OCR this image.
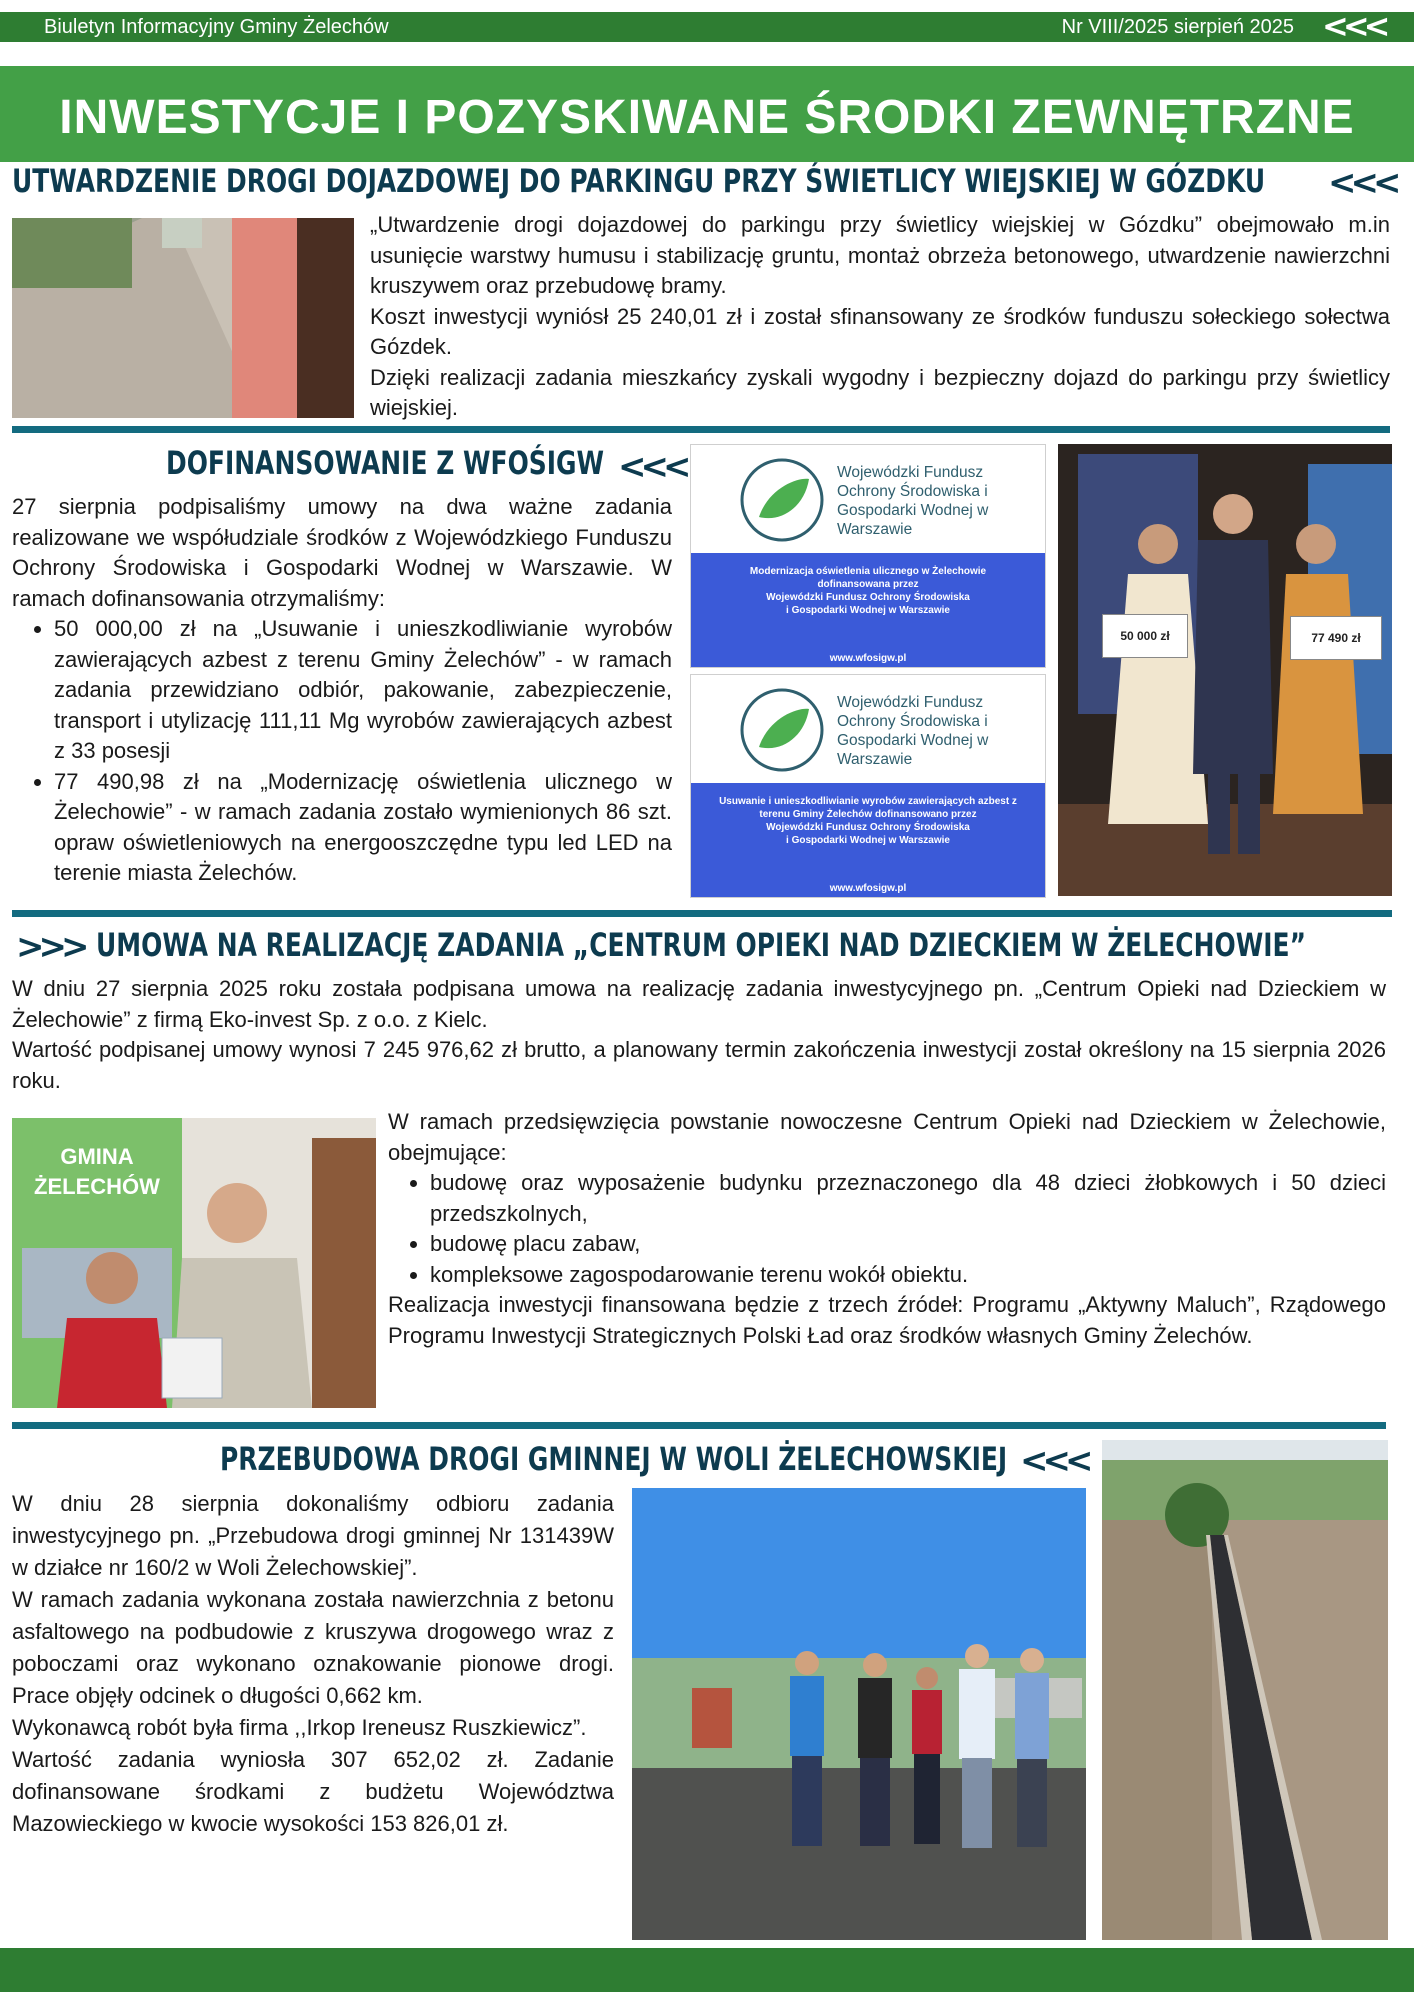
Biuletyn Informacyjny Gminy Żelechów	Nr VIII/2025 sierpień 2025 <<<
INWESTYCJE I POZYSKIWANE ŚRODKI ZEWNĘTRZNE
UTWARDZENIE DROGI DOJAZDOWEJ DO PARKINGU PRZY ŚWIETLICY WIEJSKIEJ W GÓZDKU <<<
„Utwardzenie drogi dojazdowej do parkingu przy świetlicy wiejskiej w Gózdku” obejmowało m.in usunięcie warstwy humusu i stabilizację gruntu, montaż obrzeża betonowego, utwardzenie nawierzchni kruszywem oraz przebudowę bramy.
Koszt inwestycji wyniósł 25 240,01 zł i został sfinansowany ze środków funduszu sołeckiego sołectwa Gózdek.
Dzięki realizacji zadania mieszkańcy zyskali wygodny i bezpieczny dojazd do parkingu przy świetlicy wiejskiej.
DOFINANSOWANIE Z WFOŚIGW <<<
27 sierpnia podpisaliśmy umowy na dwa ważne zadania realizowane we współudziale środków z Wojewódzkiego Funduszu Ochrony Środowiska i Gospodarki Wodnej w Warszawie. W ramach dofinansowania otrzymaliśmy:
• 50 000,00 zł na „Usuwanie i unieszkodliwianie wyrobów zawierających azbest z terenu Gminy Żelechów” - w ramach zadania przewidziano odbiór, pakowanie, zabezpieczenie, transport i utylizację 111,11 Mg wyrobów zawierających azbest z 33 posesji
• 77 490,98 zł na „Modernizację oświetlenia ulicznego w Żelechowie” - w ramach zadania zostało wymienionych 86 szt. opraw oświetleniowych na energooszczędne typu led LED na terenie miasta Żelechów.
Wojewódzki Fundusz Ochrony Środowiska i Gospodarki Wodnej w Warszawie
Modernizacja oświetlenia ulicznego w Żelechowie
dofinansowana przez
Wojewódzki Fundusz Ochrony Środowiska
i Gospodarki Wodnej w Warszawie
www.wfosigw.pl
Wojewódzki Fundusz Ochrony Środowiska i Gospodarki Wodnej w Warszawie
Usuwanie i unieszkodliwianie wyrobów zawierających azbest z
terenu Gminy Żelechów dofinansowano przez
Wojewódzki Fundusz Ochrony Środowiska
i Gospodarki Wodnej w Warszawie
www.wfosigw.pl
50 000 zł	77 490 zł
>>> UMOWA NA REALIZACJĘ ZADANIA „CENTRUM OPIEKI NAD DZIECKIEM W ŻELECHOWIE”
W dniu 27 sierpnia 2025 roku została podpisana umowa na realizację zadania inwestycyjnego pn. „Centrum Opieki nad Dzieckiem w Żelechowie” z firmą Eko-invest Sp. z o.o. z Kielc.
Wartość podpisanej umowy wynosi 7 245 976,62 zł brutto, a planowany termin zakończenia inwestycji został określony na 15 sierpnia 2026 roku.
GMINA ŻELECHÓW
W ramach przedsięwzięcia powstanie nowoczesne Centrum Opieki nad Dzieckiem w Żelechowie, obejmujące:
• budowę oraz wyposażenie budynku przeznaczonego dla 48 dzieci żłobkowych i 50 dzieci przedszkolnych,
• budowę placu zabaw,
• kompleksowe zagospodarowanie terenu wokół obiektu.
Realizacja inwestycji finansowana będzie z trzech źródeł: Programu „Aktywny Maluch”, Rządowego Programu Inwestycji Strategicznych Polski Ład oraz środków własnych Gminy Żelechów.
PRZEBUDOWA DROGI GMINNEJ W WOLI ŻELECHOWSKIEJ <<<
W dniu 28 sierpnia dokonaliśmy odbioru zadania inwestycyjnego pn. „Przebudowa drogi gminnej Nr 131439W w działce nr 160/2 w Woli Żelechowskiej”.
W ramach zadania wykonana została nawierzchnia z betonu asfaltowego na podbudowie z kruszywa drogowego wraz z poboczami oraz wykonano oznakowanie pionowe drogi. Prace objęły odcinek o długości 0,662 km.
Wykonawcą robót była firma ,,Irkop Ireneusz Ruszkiewicz”.
Wartość zadania wyniosła 307 652,02 zł. Zadanie dofinansowane środkami z budżetu Województwa Mazowieckiego w kwocie wysokości 153 826,01 zł.
